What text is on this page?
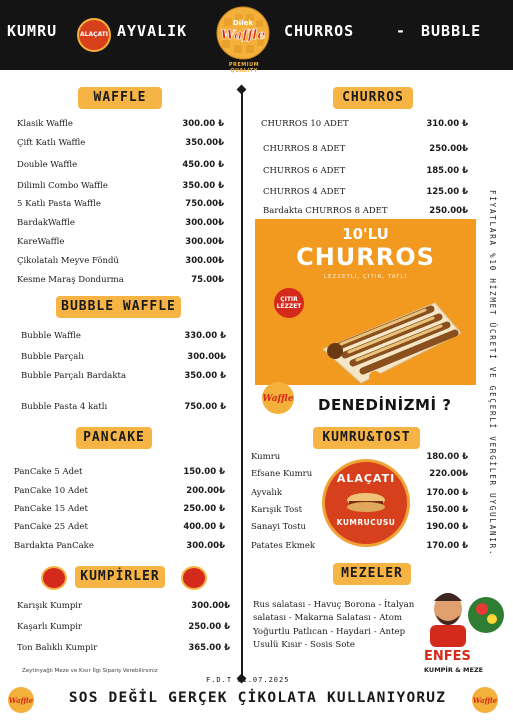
KUMRU	ALAÇATI AYVALIK	Dilek
Waffle
PREMIUM QUALITY
CHURROS	- BUBBLE
WAFFLE
Klasik Waffle	300.00 ₺
Çift Katlı Waffle	350.00₺
Double Waffle	450.00 ₺
Dilimli Combo Waffle	350.00 ₺
5 Katlı Pasta Waffle	750.00₺
BardakWaffle	300.00₺
KareWaffle	300.00₺
Çikolatalı Meyve Föndü	300.00₺
Kesme Maraş Dondurma	75.00₺
BUBBLE WAFFLE
Bubble Waffle	330.00 ₺
Bubble Parçalı	300.00₺
Bubble Parçalı Bardakta	350.00 ₺
Bubble Pasta 4 katlı	750.00 ₺
PANCAKE
PanCake 5 Adet	150.00 ₺
PanCake 10 Adet	200.00₺
PanCake 15 Adet	250.00 ₺
PanCake 25 Adet	400.00 ₺
Bardakta PanCake	300.00₺
KUMPİRLER
Karışık Kumpir	300.00₺
Kaşarlı Kumpir	250.00 ₺
Ton Balıklı Kumpir	365.00 ₺
Zeytinyağlı Meze ve Kısır İlgi Sipariş Verebilirsiniz
CHURROS
CHURROS 10 ADET	310.00 ₺
CHURROS 8 ADET	250.00₺
CHURROS 6 ADET	185.00 ₺
CHURROS 4 ADET	125.00 ₺
Bardakta CHURROS 8 ADET	250.00₺
10'LU
CHURROS
LEZZETLİ, ÇITIR, TATLI
ÇITIR LEZZET
Waffle DENEDİNİZMİ ?	FİYATLARA %10 HİZMET ÜCRETİ VE GEÇERLİ VERGİLER UYGULANIR.
KUMRU&TOST
Kumru	180.00 ₺
Efsane Kumru	220.00₺
Ayvalık	170.00 ₺
Karışık Tost	150.00 ₺
Sanayi Tostu	190.00 ₺
Patates Ekmek	170.00 ₺
ALAÇATI
KUMRUCUSU
MEZELER
Rus salatası - Havuç Borona - İtalyan salatası - Makarna Salatası - Atom Yoğurtlu Patlıcan - Haydari - Antep Usulü Kısır - Sosis Sote
ENFES
KUMPİR & MEZE
F.D.T 01.07.2025
Waffle	SOS DEĞİL GERÇEK ÇİKOLATA KULLANIYORUZ	Waffle
